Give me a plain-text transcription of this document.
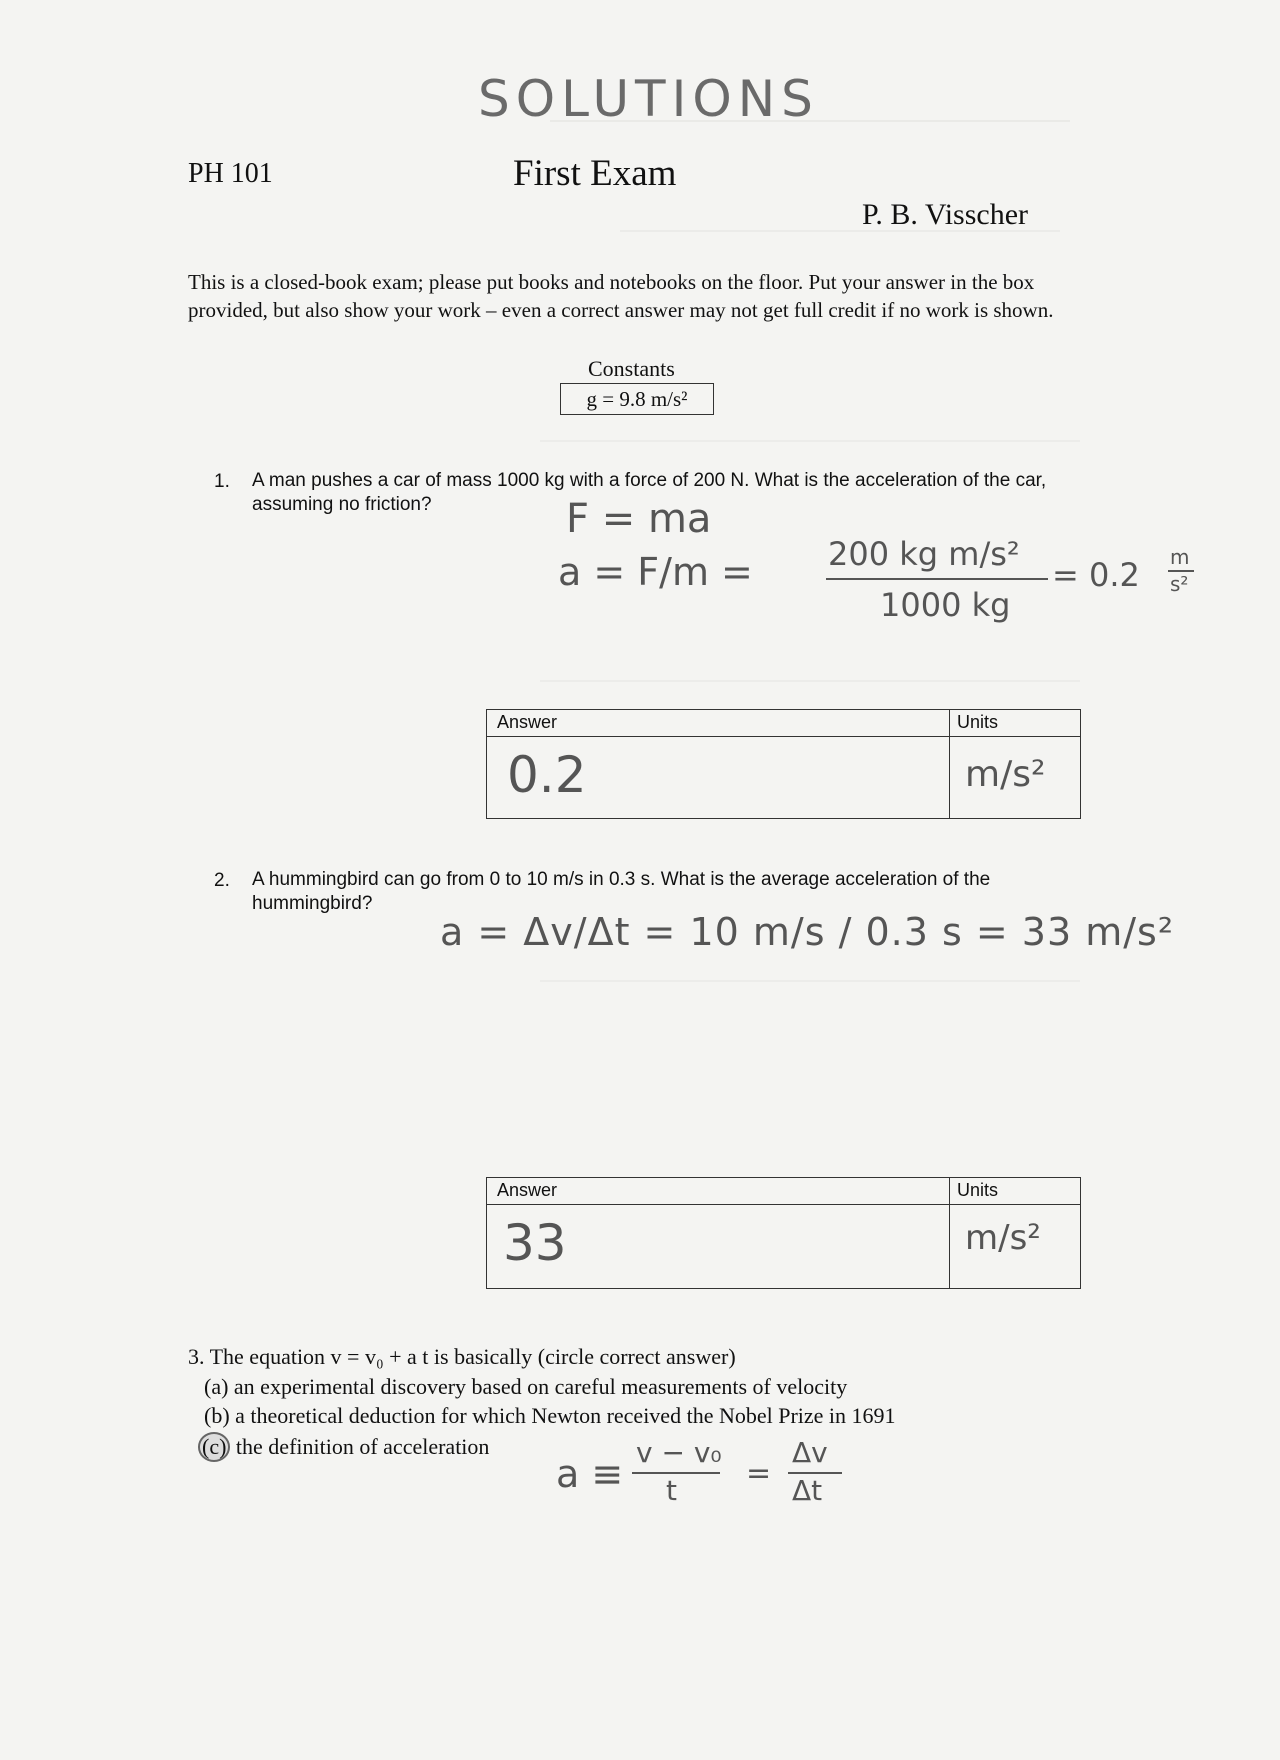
SOLUTIONS
PH 101	First Exam
P. B. Visscher
This is a closed-book exam; please put books and notebooks on the floor. Put your answer in the box provided, but also show your work – even a correct answer may not get full credit if no work is shown.
Constants
g = 9.8 m/s²
1. A man pushes a car of mass 1000 kg with a force of 200 N. What is the acceleration of the car, assuming no friction?	F = ma
a = F/m = 200 kg m/s²
1000 kg
= 0.2 m
s²
Answer	Units
0.2	m/s²
2. A hummingbird can go from 0 to 10 m/s in 0.3 s. What is the average acceleration of the hummingbird?
a = Δv/Δt = 10 m/s / 0.3 s = 33 m/s²
Answer	Units
33	m/s²
3. The equation v = v₀ + a t is basically (circle correct answer)
(a) an experimental discovery based on careful measurements of velocity
(b) a theoretical deduction for which Newton received the Nobel Prize in 1691
(c) the definition of acceleration
a ≡ v − v₀
t =
Δv
Δt
